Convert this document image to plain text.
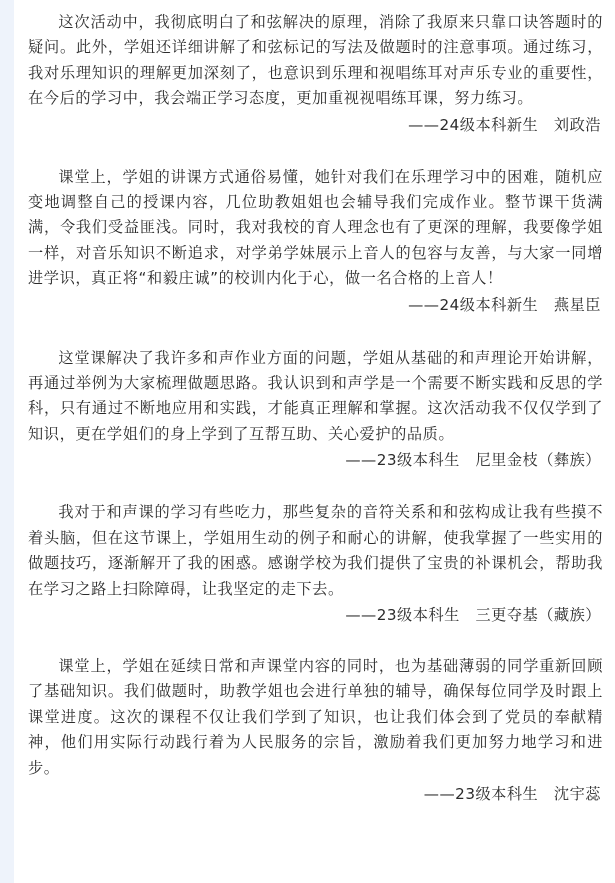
这次活动中，我彻底明白了和弦解决的原理，消除了我原来只靠口诀答题时的疑问。此外，学姐还详细讲解了和弦标记的写法及做题时的注意事项。通过练习，我对乐理知识的理解更加深刻了，也意识到乐理和视唱练耳对声乐专业的重要性，在今后的学习中，我会端正学习态度，更加重视视唱练耳课，努力练习。

——24级本科新生　刘政浩

课堂上，学姐的讲课方式通俗易懂，她针对我们在乐理学习中的困难，随机应变地调整自己的授课内容，几位助教姐姐也会辅导我们完成作业。整节课干货满满，令我们受益匪浅。同时，我对我校的育人理念也有了更深的理解，我要像学姐一样，对音乐知识不断追求，对学弟学妹展示上音人的包容与友善，与大家一同增进学识，真正将“和毅庄诚”的校训内化于心，做一名合格的上音人！

——24级本科新生　燕星臣

这堂课解决了我许多和声作业方面的问题，学姐从基础的和声理论开始讲解，再通过举例为大家梳理做题思路。我认识到和声学是一个需要不断实践和反思的学科，只有通过不断地应用和实践，才能真正理解和掌握。这次活动我不仅仅学到了知识，更在学姐们的身上学到了互帮互助、关心爱护的品质。

——23级本科生　尼里金枝（彝族）

我对于和声课的学习有些吃力，那些复杂的音符关系和和弦构成让我有些摸不着头脑，但在这节课上，学姐用生动的例子和耐心的讲解，使我掌握了一些实用的做题技巧，逐渐解开了我的困惑。感谢学校为我们提供了宝贵的补课机会，帮助我在学习之路上扫除障碍，让我坚定的走下去。

——23级本科生　三更夺基（藏族）

课堂上，学姐在延续日常和声课堂内容的同时，也为基础薄弱的同学重新回顾了基础知识。我们做题时，助教学姐也会进行单独的辅导，确保每位同学及时跟上课堂进度。这次的课程不仅让我们学到了知识，也让我们体会到了党员的奉献精神，他们用实际行动践行着为人民服务的宗旨，激励着我们更加努力地学习和进步。

——23级本科生　沈宇蕊
